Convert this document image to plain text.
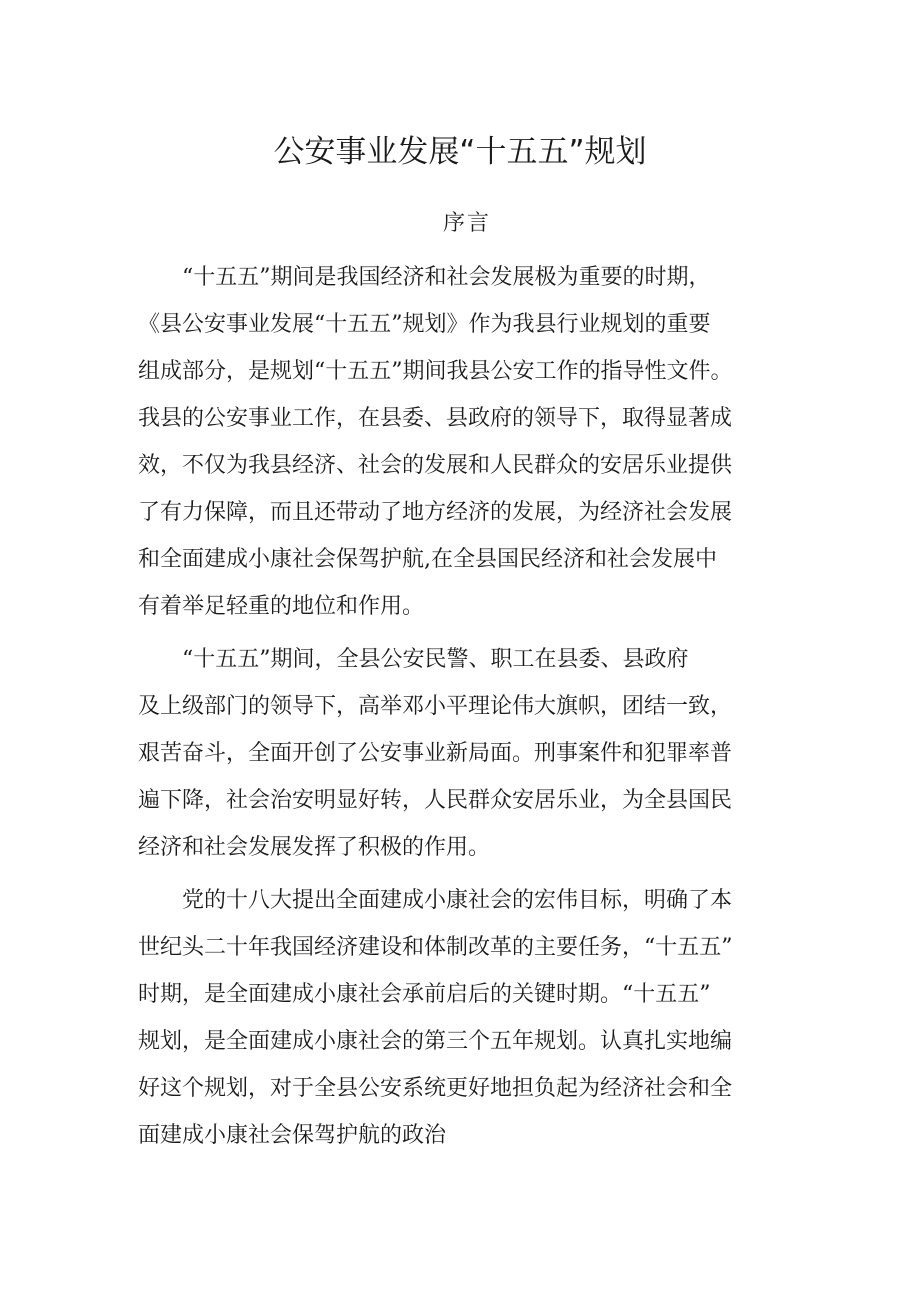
公安事业发展“十五五”规划
序言
　　“十五五”期间是我国经济和社会发展极为重要的时期，
《县公安事业发展“十五五”规划》作为我县行业规划的重要
组成部分，是规划“十五五”期间我县公安工作的指导性文件。
我县的公安事业工作，在县委、县政府的领导下，取得显著成
效，不仅为我县经济、社会的发展和人民群众的安居乐业提供
了有力保障，而且还带动了地方经济的发展，为经济社会发展
和全面建成小康社会保驾护航,在全县国民经济和社会发展中
有着举足轻重的地位和作用。
　　“十五五”期间，全县公安民警、职工在县委、县政府
及上级部门的领导下，高举邓小平理论伟大旗帜，团结一致，
艰苦奋斗，全面开创了公安事业新局面。刑事案件和犯罪率普
遍下降，社会治安明显好转，人民群众安居乐业，为全县国民
经济和社会发展发挥了积极的作用。
　　党的十八大提出全面建成小康社会的宏伟目标，明确了本
世纪头二十年我国经济建设和体制改革的主要任务，“十五五”
时期，是全面建成小康社会承前启后的关键时期。“十五五”
规划，是全面建成小康社会的第三个五年规划。认真扎实地编
好这个规划，对于全县公安系统更好地担负起为经济社会和全
面建成小康社会保驾护航的政治
